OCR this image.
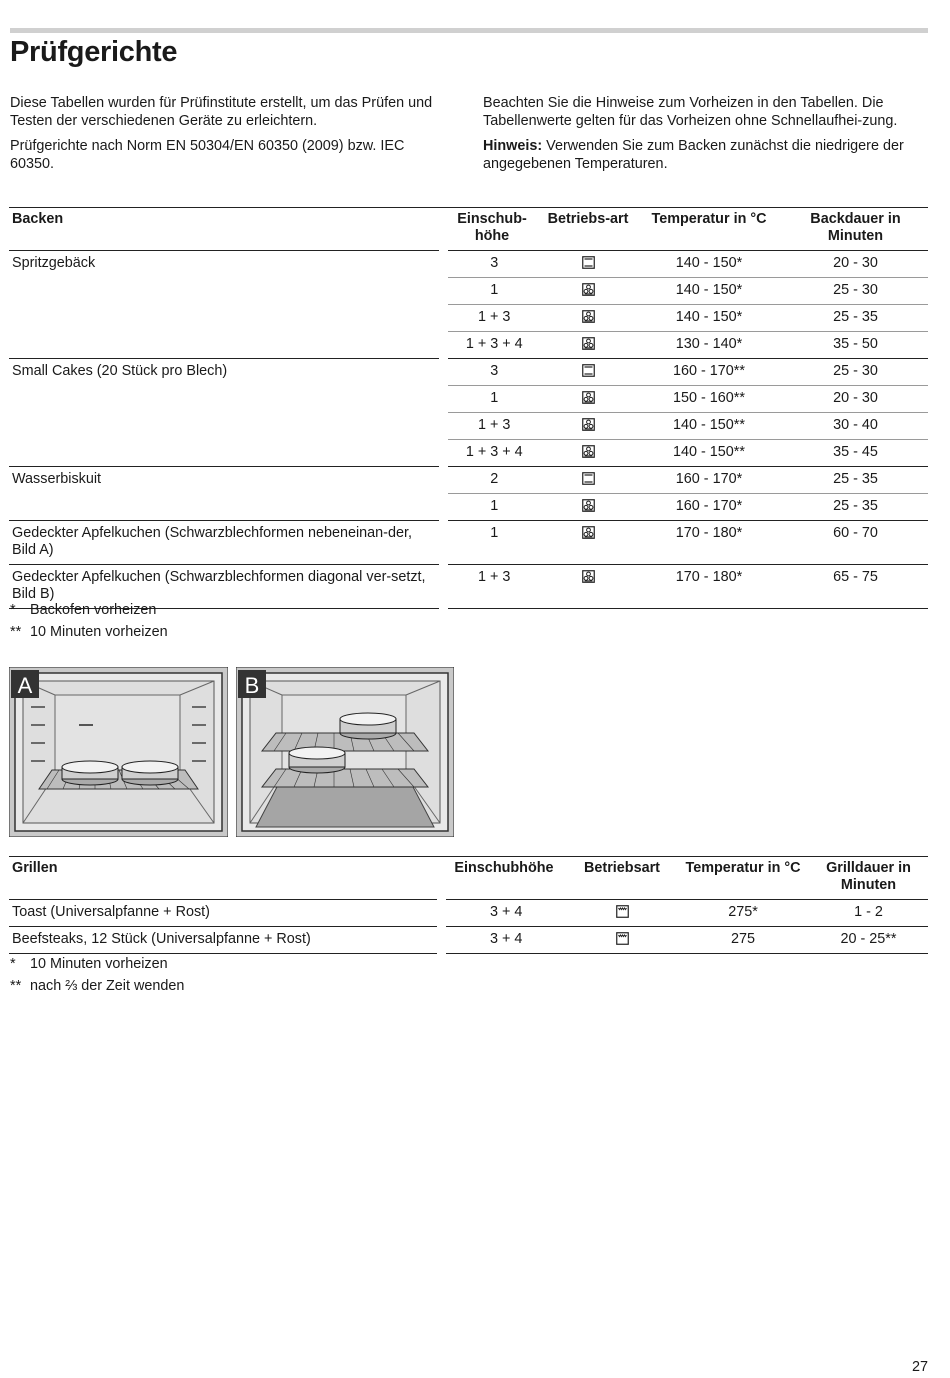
Prüfgerichte

Diese Tabellen wurden für Prüfinstitute erstellt, um das Prüfen und Testen der verschiedenen Geräte zu erleichtern.

Prüfgerichte nach Norm EN 50304/EN 60350 (2009) bzw. IEC 60350.

Beachten Sie die Hinweise zum Vorheizen in den Tabellen. Die Tabellenwerte gelten für das Vorheizen ohne Schnellaufhei-zung.

Hinweis: Verwenden Sie zum Backen zunächst die niedrigere der angegebenen Temperaturen.

Backen	Einschub-höhe	Betriebs-art	Temperatur in °C	Backdauer in Minuten
Spritzgebäck	3		140 - 150*	20 - 30
	1		140 - 150*	25 - 30
	1 + 3		140 - 150*	25 - 35
	1 + 3 + 4		130 - 140*	35 - 50
Small Cakes (20 Stück pro Blech)	3		160 - 170**	25 - 30
	1		150 - 160**	20 - 30
	1 + 3		140 - 150**	30 - 40
	1 + 3 + 4		140 - 150**	35 - 45
Wasserbiskuit	2		160 - 170*	25 - 35
	1		160 - 170*	25 - 35
Gedeckter Apfelkuchen (Schwarzblechformen nebeneinan-der, Bild A)	1		170 - 180*	60 - 70
Gedeckter Apfelkuchen (Schwarzblechformen diagonal ver-setzt, Bild B)	1 + 3		170 - 180*	65 - 75
* Backofen vorheizen
** 10 Minuten vorheizen
A	B
Grillen	Einschubhöhe	Betriebsart	Temperatur in °C	Grilldauer in Minuten
Toast (Universalpfanne + Rost)	3 + 4		275*	1 - 2
Beefsteaks, 12 Stück (Universalpfanne + Rost)	3 + 4		275	20 - 25**
* 10 Minuten vorheizen
** nach ⅔ der Zeit wenden
27
